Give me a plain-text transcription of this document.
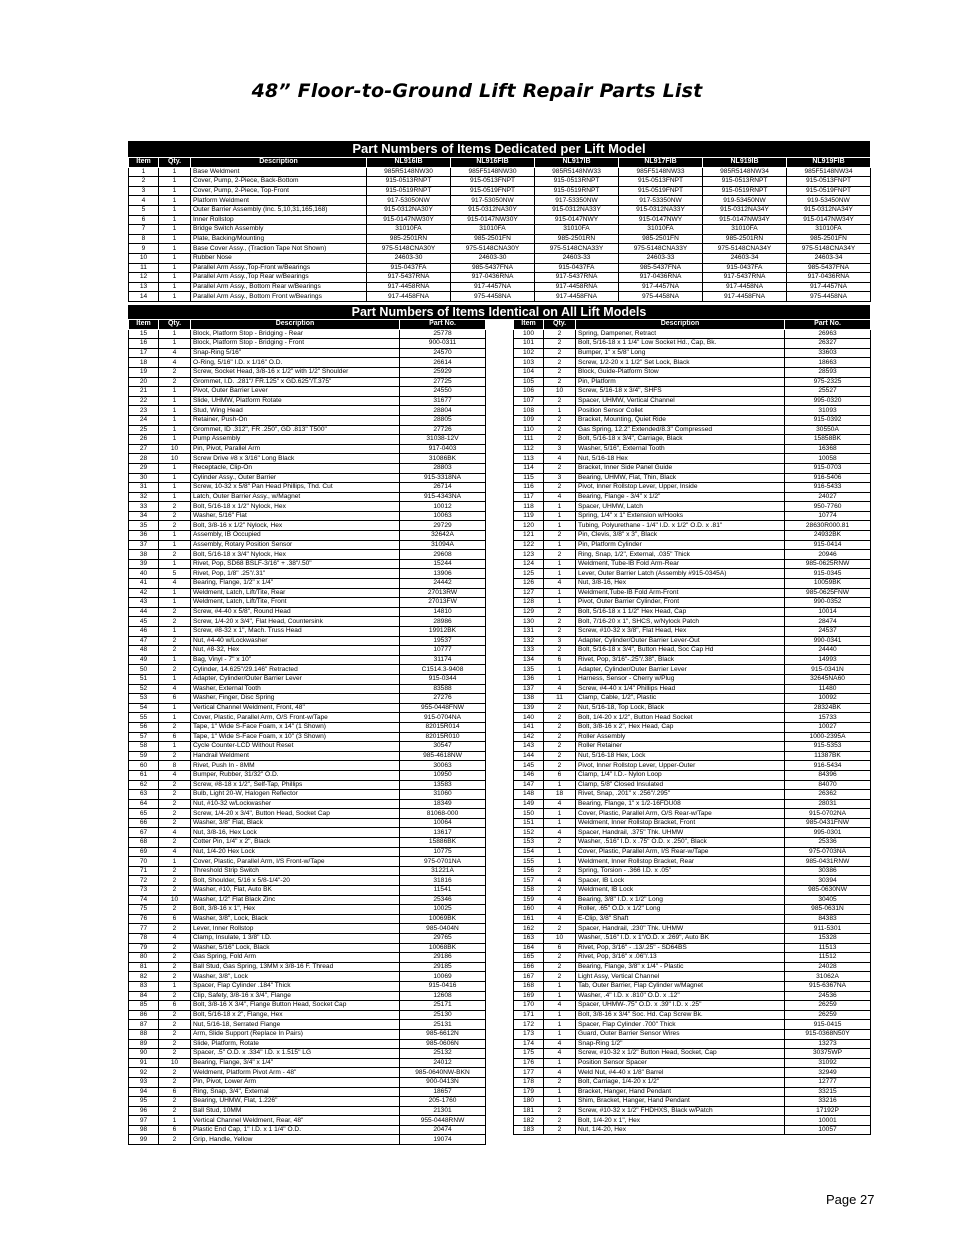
48” Floor-to-Ground Lift Repair Parts List
Part Numbers of Items Dedicated per Lift Model
Item	Qty.	Description	NL916IB	NL916FIB	NL917IB	NL917FIB	NL919IB	NL919FIB
1	1	Base Weldment	985R5148NW30	985F5148NW30	985R5148NW33	985F5148NW33	985R5148NW34	985F5148NW34
2	1	Cover, Pump, 2-Piece, Back-Bottom	915-0513RNPT	915-0513FNPT	915-0513RNPT	915-0513FNPT	915-0513RNPT	915-0513FNPT
3	1	Cover, Pump, 2-Piece, Top-Front	915-0519RNPT	915-0519FNPT	915-0519RNPT	915-0519FNPT	915-0519RNPT	915-0519FNPT
4	1	Platform Weldment	917-53050NW	917-53050NW	917-53350NW	917-53350NW	919-53450NW	919-53450NW
5	1	Outer Barrier Assembly (Inc. 5,10,31,165,168)	915-0312NA30Y	915-0312NA30Y	915-0312NA33Y	915-0312NA33Y	915-0312NA34Y	915-0312NA34Y
6	1	Inner Rollstop	915-0147NW30Y	915-0147NW30Y	915-0147NWY	915-0147NWY	915-0147NW34Y	915-0147NW34Y
7	1	Bridge Switch Assembly	31010FA	31010FA	31010FA	31010FA	31010FA	31010FA
8	1	Plate, Backing/Mounting	985-2501RN	985-2501FN	985-2501RN	985-2501FN	985-2501RN	985-2501FN
9	1	Base Cover Assy., (Traction Tape Not Shown)	975-5148CNA30Y	975-5148CNA30Y	975-5148CNA33Y	975-5148CNA33Y	975-5148CNA34Y	975-5148CNA34Y
10	1	Rubber Nose	24603-30	24603-30	24603-33	24603-33	24603-34	24603-34
11	1	Parallel Arm Assy.,Top-Front w/Bearings	915-0437FA	985-5437FNA	915-0437FA	985-5437FNA	915-0437FA	985-5437FNA
12	1	Parallel Arm Assy.,Top Rear w/Bearings	917-5437RNA	917-0436RNA	917-5437RNA	917-0436RNA	917-5437RNA	917-0436RNA
13	1	Parallel Arm Assy., Bottom Rear w/Bearings	917-4458RNA	917-4457NA	917-4458RNA	917-4457NA	917-4458NA	917-4457NA
14	1	Parallel Arm Assy., Bottom Front w/Bearings	917-4458FNA	975-4458NA	917-4458FNA	975-4458NA	917-4458FNA	975-4458NA
Part Numbers of Items Identical on All Lift Models
Item	Qty.	Description	Part No.
15	1	Block, Platform Stop - Bridging - Rear	25778
16	1	Block, Platform Stop - Bridging - Front	900-0311
17	4	Snap-Ring 5/16"	24570
18	4	O-Ring, 5/16" I.D. x 1/16" O.D.	26614
19	2	Screw, Socket Head, 3/8-16 x 1/2" with 1/2" Shoulder	25929
20	2	Grommet, I.D. .281"/ FR.125" x GD.625"/T.375"	27725
21	1	Pivot, Outer Barrier Lever	24550
22	1	Slide, UHMW, Platform Rotate	31677
23	1	Stud, Wing Head	28804
24	1	Retainer, Push-On	28805
25	1	Grommet, ID .312", FR .250", GD .813" T500"	27726
26	1	Pump Assembly	31038-12V
27	10	Pin, Pivot, Parallel Arm	917-0403
28	10	Screw Drive #8 x 3/16" Long Black	31086BK
29	1	Receptacle, Clip-On	28803
30	1	Cylinder Assy., Outer Barrier	915-3318NA
31	1	Screw, 10-32 x 5/8" Pan Head Phillips, Thd. Cut	26714
32	1	Latch, Outer Barrier Assy., w/Magnet	915-4343NA
33	2	Bolt, 5/16-18 x 1/2" Nylock, Hex	10012
34	2	Washer, 5/16" Flat	10063
35	2	Bolt, 3/8-16 x 1/2" Nylock, Hex	29729
36	1	Assembly, IB Occupied	32642A
37	1	Assembly, Rotary Position Sensor	31094A
38	2	Bolt, 5/16-18 x 3/4" Nylock, Hex	29608
39	1	Rivet, Pop, SD68 BSLF-3/16" + .38"/.50"	15244
40	5	Rivet, Pop, 1/8" .25"/.31"	13906
41	4	Bearing, Flange, 1/2" x 1/4"	24442
42	1	Weldment, Latch, Lift/Tite, Rear	27013RW
43	1	Weldment, Latch, Lift/Tite, Front	27013FW
44	2	Screw, #4-40 x 5/8", Round Head	14810
45	2	Screw, 1/4-20 x 3/4", Flat Head, Countersink	28986
46	1	Screw, #8-32 x 1", Mach. Truss Head	19912BK
47	2	Nut, #4-40 w/Lockwasher	19537
48	2	Nut, #8-32, Hex	10777
49	1	Bag, Vinyl - 7" x 10"	31174
50	2	Cylinder, 14.625"/29.146" Retracted	C1514.3-9408
51	1	Adapter, Cylinder/Outer Barrier Lever	915-0344
52	4	Washer, External Tooth	83588
53	6	Washer, Finger, Disc Spring	27276
54	1	Vertical Channel Weldment, Front, 48"	955-0448FNW
55	1	Cover, Plastic, Parallel Arm, O/S Front-w/Tape	915-0704NA
56	2	Tape, 1" Wide S-Face Foam, x 14" (1 Shown)	82015R014
57	6	Tape, 1" Wide S-Face Foam, x 10" (3 Shown)	82015R010
58	1	Cycle Counter-LCD Without Reset	30547
59	2	Handrail Weldment	985-4618NW
60	8	Rivet, Push In - 8MM	30063
61	4	Bumper, Rubber, 31/32" O.D.	10950
62	2	Screw, #8-18 x 1/2", Self-Tap, Phillips	13583
63	2	Bulb, Light 20-W, Halogen Reflector	31060
64	2	Nut, #10-32 w/Lockwasher	18349
65	2	Screw, 1/4-20 x 3/4", Button Head, Socket Cap	81068-000
66	2	Washer, 3/8" Flat, Black	10064
67	4	Nut, 3/8-16, Hex Lock	13617
68	2	Cotter Pin, 1/4" x 2", Black	15886BK
69	4	Nut, 1/4-20 Hex Lock	10775
70	1	Cover, Plastic, Parallel Arm, I/S Front-w/Tape	975-0701NA
71	2	Threshold Strip Switch	31221A
72	2	Bolt, Shoulder, 5/16 x 5/8-1/4"-20	31816
73	2	Washer, #10, Flat, Auto BK	11541
74	10	Washer, 1/2" Flat Black Zinc	25346
75	2	Bolt, 3/8-16 x 1", Hex	10025
76	6	Washer, 3/8", Lock, Black	10069BK
77	2	Lever, Inner Rollstop	985-0404N
78	4	Clamp, Insulate, 1 3/8" I.D.	29765
79	2	Washer, 5/16" Lock, Black	10068BK
80	2	Gas Spring, Fold Arm	29186
81	2	Ball Stud, Gas Spring, 13MM x 3/8-16 F. Thread	29185
82	2	Washer, 3/8", Lock	10069
83	1	Spacer, Flap Cylinder .184" Thick	915-0416
84	2	Clip, Safety, 3/8-16 x 3/4", Flange	12608
85	6	Bolt, 3/8-16 X 3/4", Flange Button Head, Socket Cap	25171
86	2	Bolt, 5/16-18 x 2", Flange, Hex	25130
87	2	Nut, 5/16-18, Serrated Flange	25131
88	2	Arm, Slide Support (Replace In Pairs)	985-6612N
89	2	Slide, Platform, Rotate	985-0606N
90	2	Spacer, .5" O.D. x .334" I.D. x 1.515" LG	25132
91	10	Bearing, Flange, 3/4" x 1/4"	24012
92	2	Weldment, Platform Pivot Arm - 48"	985-0640NW-BKN
93	2	Pin, Pivot, Lower Arm	900-0413N
94	6	Ring, Snap, 3/4", External	18657
95	2	Bearing, UHMW, Flat, 1.226"	205-1760
96	2	Ball Stud, 10MM	21301
97	1	Vertical Channel Weldment, Rear, 48"	955-0448RNW
98	6	Plastic End Cap, 1" I.D. x 1 1/4" O.D.	20474
99	2	Grip, Handle, Yellow	19074
Item	Qty.	Description	Part No.
100	2	Spring, Dampener, Retract	26963
101	2	Bolt, 5/16-18 x 1 1/4" Low Socket Hd., Cap, Bk.	26327
102	2	Bumper, 1" x 5/8" Long	33603
103	2	Screw, 1/2-20 x 1 1/2" Set Lock, Black	18663
104	2	Block, Guide-Platform Stow	28593
105	2	Pin, Platform	975-2325
106	10	Screw, 5/16-18 x 3/4", SHFS	25527
107	2	Spacer, UHMW, Vertical Channel	995-0320
108	1	Position Sensor Collet	31093
109	2	Bracket, Mounting, Quiet Ride	915-0392
110	2	Gas Spring, 12.2" Extended/8.3" Compressed	30550A
111	2	Bolt, 5/16-18 x 3/4", Carriage, Black	15858BK
112	3	Washer, 5/16", External Tooth	16368
113	4	Nut, 5/16-18 Hex	10058
114	2	Bracket, Inner Side Panel Guide	915-0703
115	3	Bearing, UHMW, Flat, Thin, Black	916-5406
116	2	Pivot, Inner Rollstop Lever, Upper, Inside	916-5433
117	4	Bearing, Flange - 3/4" x 1/2"	24027
118	1	Spacer, UHMW, Latch	950-7760
119	1	Spring, 1/4" x 1" Extension w/Hooks	10774
120	1	Tubing, Polyurethane - 1/4" I.D. x 1/2" O.D. x .81"	28630R000.81
121	2	Pin, Clevis, 3/8" x 3", Black	24932BK
122	1	Pin, Platform Cylinder	915-0414
123	2	Ring, Snap, 1/2", External, .035" Thick	20946
124	1	Weldment, Tube-IB Fold Arm-Rear	985-0625RNW
125	1	Lever, Outer Barrier Latch (Assembly #915-0345A)	915-0345
126	4	Nut, 3/8-16, Hex	10059BK
127	1	Weldment,Tube-IB Fold Arm-Front	985-0625FNW
128	1	Pivot, Outer Barrier Cylinder, Front	990-0352
129	2	Bolt, 5/16-18 x 1 1/2" Hex Head, Cap	10014
130	2	Bolt, 7/16-20 x 1", SHCS, w/Nylock Patch	28474
131	2	Screw, #10-32 x 3/8", Flat Head, Hex	24537
132	3	Adapter, Cylinder/Outer Barrier Lever-Out	990-0341
133	2	Bolt, 5/16-18 x 3/4", Button Head, Soc Cap Hd	24440
134	6	Rivet, Pop, 3/16"-.25"/.38", Black	14993
135	1	Adapter, Cylinder/Outer Barrier Lever	915-0341N
136	1	Harness, Sensor - Cherry w/Plug	32645NA60
137	4	Screw, #4-40 x 1/4" Phillips Head	11480
138	11	Clamp, Cable, 1/2", Plastic	10092
139	2	Nut, 5/16-18, Top Lock, Black	28324BK
140	2	Bolt, 1/4-20 x 1/2", Button Head Socket	15733
141	2	Bolt, 3/8-16 x 2", Hex Head, Cap	10027
142	2	Roller Assembly	1000-2395A
143	2	Roller Retainer	915-5353
144	2	Nut, 5/16-18 Hex, Lock	11387BK
145	2	Pivot, Inner Rollstop Lever, Upper-Outer	916-5434
146	6	Clamp, 1/4" I.D.- Nylon Loop	84396
147	1	Clamp, 5/8" Closed Insulated	84070
148	18	Rivet, Snap, .201" x .256"/.295"	26362
149	4	Bearing, Flange, 1" x 1/2-16FDU08	28031
150	1	Cover, Plastic, Parallel Arm, O/S Rear-w/Tape	915-0702NA
151	1	Weldment, Inner Rollstop Bracket, Front	985-0431FNW
152	4	Spacer, Handrail, .375" Thk. UHMW	995-0301
153	2	Washer, .516" I.D. x .75" O.D. x .250", Black	25336
154	1	Cover, Plastic, Parallel Arm, I/S Rear-w/Tape	975-0703NA
155	1	Weldment, Inner Rollstop Bracket, Rear	985-0431RNW
156	2	Spring, Torsion - .366 I.D. x .05"	30386
157	4	Spacer, IB Lock	30394
158	2	Weldment, IB Lock	985-0630NW
159	4	Bearing, 3/8" I.D. x 1/2" Long	30405
160	4	Roller, .65" O.D. x 1/2" Long	985-0631N
161	4	E-Clip, 3/8" Shaft	84383
162	2	Spacer, Handrail, .230" Thk. UHMW	911-5301
163	10	Washer, .516" I.D. x 1"/O.D. x .269", Auto BK	15328
164	6	Rivet, Pop, 3/16" - .13/.25" - SD64BS	11513
165	2	Rivet, Pop, 3/16" x .06"/.13	11512
166	2	Bearing, Flange, 3/8" x 1/4" - Plastic	24028
167	2	Light Assy, Vertical Channel	31062A
168	1	Tab, Outer Barrier, Flap Cylinder w/Magnet	915-6367NA
169	1	Washer, .4" I.D. x .810" O.D. x .12"	24536
170	4	Spacer, UHMW-.75" O.D. x .39" I.D. x .25"	26259
171	1	Bolt, 3/8-16 x 3/4" Soc. Hd. Cap Screw Bk.	26259
172	1	Spacer, Flap Cylinder .700" Thick	915-0415
173	1	Guard, Outer Barrier Sensor Wires	915-0368N50Y
174	4	Snap-Ring 1/2"	13273
175	4	Screw, #10-32 x 1/2" Button Head, Socket, Cap	30375WP
176	1	Position Sensor Spacer	31092
177	4	Weld Nut, #4-40 x 1/8" Barrel	32949
178	2	Bolt, Carriage, 1/4-20 x 1/2"	12777
179	1	Bracket, Hanger, Hand Pendant	33215
180	1	Shim, Bracket, Hanger, Hand Pendant	33216
181	2	Screw, #10-32 x 1/2" FHDHXS, Black w/Patch	17192P
182	2	Bolt, 1/4-20 x 1", Hex	10001
183	2	Nut, 1/4-20, Hex	10057
Page 27
